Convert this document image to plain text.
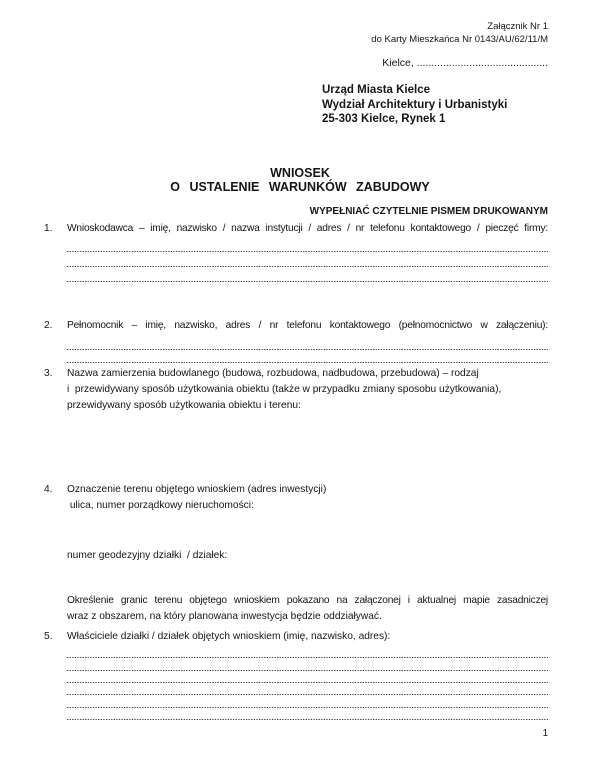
Załącznik Nr 1
do Karty Mieszkańca Nr 0143/AU/62/11/M
Kielce, .............................................
Urząd Miasta Kielce
Wydział Architektury i Urbanistyki
25-303 Kielce, Rynek 1
WNIOSEK
O USTALENIE WARUNKÓW ZABUDOWY
WYPEŁNIAĆ CZYTELNIE PISMEM DRUKOWANYM
1.	Wnioskodawca – imię, nazwisko / nazwa instytucji / adres / nr telefonu kontaktowego / pieczęć firmy:
2.	Pełnomocnik – imię, nazwisko, adres / nr telefonu kontaktowego (pełnomocnictwo w załączeniu):
3.	Nazwa zamierzenia budowlanego (budowa, rozbudowa, nadbudowa, przebudowa) – rodzaj
i  przewidywany sposób użytkowania obiektu (także w przypadku zmiany sposobu użytkowania),
przewidywany sposób użytkowania obiektu i terenu:
4.	Oznaczenie terenu objętego wnioskiem (adres inwestycji)
ulica, numer porządkowy nieruchomości:
numer geodezyjny działki  / działek:
Określenie granic terenu objętego wnioskiem pokazano na załączonej i aktualnej mapie zasadniczej
wraz z obszarem, na który planowana inwestycja będzie oddziaływać.
5.	Właściciele działki / działek objętych wnioskiem (imię, nazwisko, adres):
1
